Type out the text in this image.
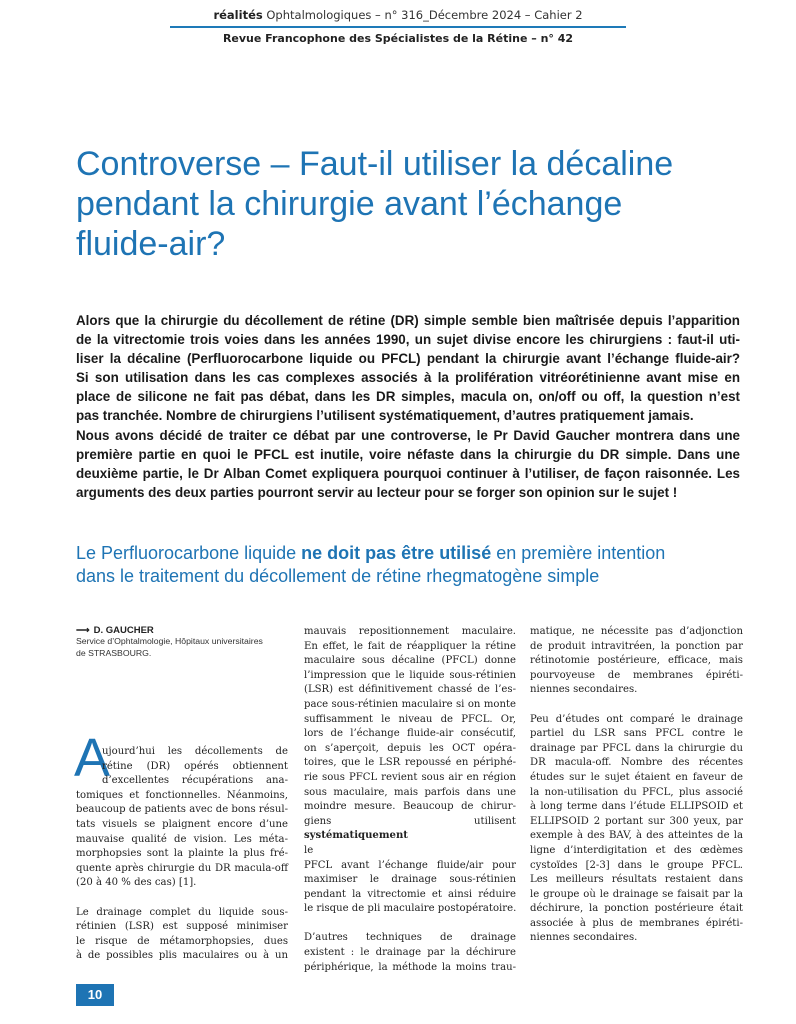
réalités Ophtalmologiques – n° 316_Décembre 2024 – Cahier 2
Revue Francophone des Spécialistes de la Rétine – n° 42
Controverse – Faut-il utiliser la décaline
pendant la chirurgie avant l’échange
fluide-air?
Alors que la chirurgie du décollement de rétine (DR) simple semble bien maîtrisée depuis l’apparition
de la vitrectomie trois voies dans les années 1990, un sujet divise encore les chirurgiens : faut-il uti-
liser la décaline (Perfluorocarbone liquide ou PFCL) pendant la chirurgie avant l’échange fluide-air?
Si son utilisation dans les cas complexes associés à la prolifération vitréorétinienne avant mise en
place de silicone ne fait pas débat, dans les DR simples, macula on, on/off ou off, la question n’est
pas tranchée. Nombre de chirurgiens l’utilisent systématiquement, d’autres pratiquement jamais.
Nous avons décidé de traiter ce débat par une controverse, le Pr David Gaucher montrera dans une
première partie en quoi le PFCL est inutile, voire néfaste dans la chirurgie du DR simple. Dans une
deuxième partie, le Dr Alban Comet expliquera pourquoi continuer à l’utiliser, de façon raisonnée. Les
arguments des deux parties pourront servir au lecteur pour se forger son opinion sur le sujet !
Le Perfluorocarbone liquide ne doit pas être utilisé en première intention
dans le traitement du décollement de rétine rhegmatogène simple
⟶ D. GAUCHER
Service d’Ophtalmologie, Hôpitaux universitaires
de STRASBOURG.
A
ujourd’hui les décollements de
rétine (DR) opérés obtiennent
d’excellentes récupérations ana-
tomiques et fonctionnelles. Néanmoins,
beaucoup de patients avec de bons résul-
tats visuels se plaignent encore d’une
mauvaise qualité de vision. Les méta-
morphopsies sont la plainte la plus fré-
quente après chirurgie du DR macula-off
(20 à 40 % des cas) [1].
Le drainage complet du liquide sous-
rétinien (LSR) est supposé minimiser
le risque de métamorphopsies, dues
à de possibles plis maculaires ou à un
mauvais repositionnement maculaire.
En effet, le fait de réappliquer la rétine
maculaire sous décaline (PFCL) donne
l’impression que le liquide sous-rétinien
(LSR) est définitivement chassé de l’es-
pace sous-rétinien maculaire si on monte
suffisamment le niveau de PFCL. Or,
lors de l’échange fluide-air consécutif,
on s’aperçoit, depuis les OCT opéra-
toires, que le LSR repoussé en périphé-
rie sous PFCL revient sous air en région
sous maculaire, mais parfois dans une
moindre mesure. Beaucoup de chirur-
giens utilisent
systématiquement
le
PFCL avant l’échange fluide/air pour
maximiser le drainage sous-rétinien
pendant la vitrectomie et ainsi réduire
le risque de pli maculaire postopératoire.
D’autres techniques de drainage
existent : le drainage par la déchirure
périphérique, la méthode la moins trau-
matique, ne nécessite pas d’adjonction
de produit intravitréen, la ponction par
rétinotomie postérieure, efficace, mais
pourvoyeuse de membranes épiréti-
niennes secondaires.
Peu d’études ont comparé le drainage
partiel du LSR sans PFCL contre le
drainage par PFCL dans la chirurgie du
DR macula-off. Nombre des récentes
études sur le sujet étaient en faveur de
la non-utilisation du PFCL, plus associé
à long terme dans l’étude ELLIPSOID et
ELLIPSOID 2 portant sur 300 yeux, par
exemple à des BAV, à des atteintes de la
ligne d’interdigitation et des œdèmes
cystoïdes [2-3] dans le groupe PFCL.
Les meilleurs résultats restaient dans
le groupe où le drainage se faisait par la
déchirure, la ponction postérieure était
associée à plus de membranes épiréti-
niennes secondaires.
10
